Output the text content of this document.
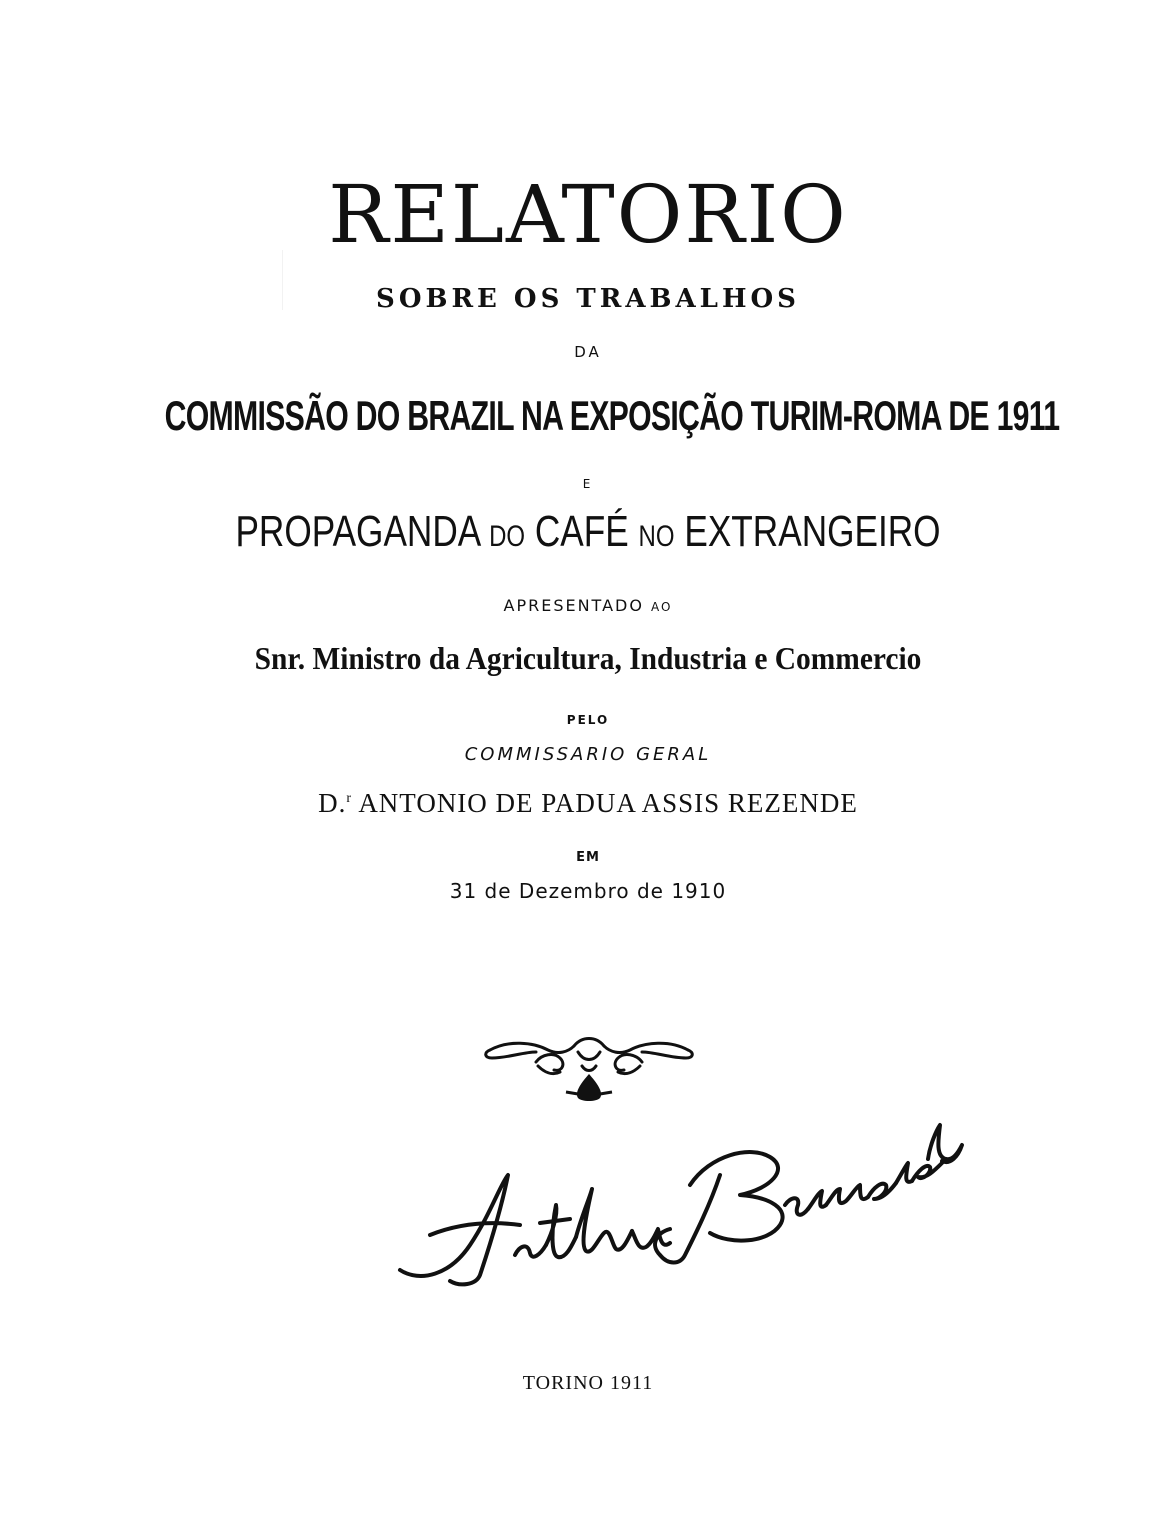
RELATORIO
SOBRE OS TRABALHOS
DA
COMMISSÃO DO BRAZIL NA EXPOSIÇÃO TURIM-ROMA DE 1911
E
PROPAGANDA DO CAFÉ NO EXTRANGEIRO
APRESENTADO AO
Snr. Ministro da Agricultura, Industria e Commercio
PELO
COMMISSARIO GERAL
D.$^r$ ANTONIO DE PADUA ASSIS REZENDE
EM
31 de Dezembro de 1910
TORINO 1911
